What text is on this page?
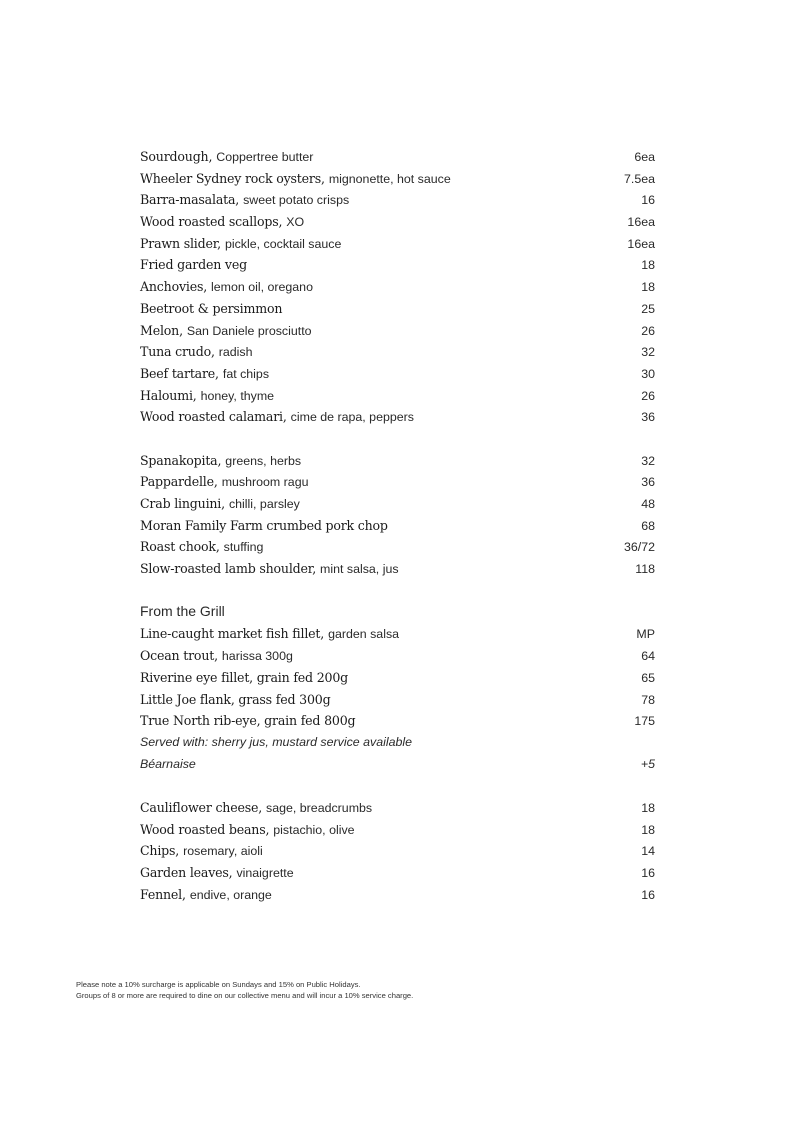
Sourdough, Coppertree butter	6ea
Wheeler Sydney rock oysters, mignonette, hot sauce	7.5ea
Barra-masalata, sweet potato crisps	16
Wood roasted scallops, XO	16ea
Prawn slider, pickle, cocktail sauce	16ea
Fried garden veg	18
Anchovies, lemon oil, oregano	18
Beetroot & persimmon	25
Melon, San Daniele prosciutto	26
Tuna crudo, radish	32
Beef tartare, fat chips	30
Haloumi, honey, thyme	26
Wood roasted calamari, cime de rapa, peppers	36
Spanakopita, greens, herbs	32
Pappardelle, mushroom ragu	36
Crab linguini, chilli, parsley	48
Moran Family Farm crumbed pork chop	68
Roast chook, stuffing	36/72
Slow-roasted lamb shoulder, mint salsa, jus	118
From the Grill
Line-caught market fish fillet, garden salsa	MP
Ocean trout, harissa 300g	64
Riverine eye fillet, grain fed 200g	65
Little Joe flank, grass fed 300g	78
True North rib-eye, grain fed 800g	175
Served with: sherry jus, mustard service available
Béarnaise	+5
Cauliflower cheese, sage, breadcrumbs	18
Wood roasted beans, pistachio, olive	18
Chips, rosemary, aioli	14
Garden leaves, vinaigrette	16
Fennel, endive, orange	16
Please note a 10% surcharge is applicable on Sundays and 15% on Public Holidays.
Groups of 8 or more are required to dine on our collective menu and will incur a 10% service charge.
